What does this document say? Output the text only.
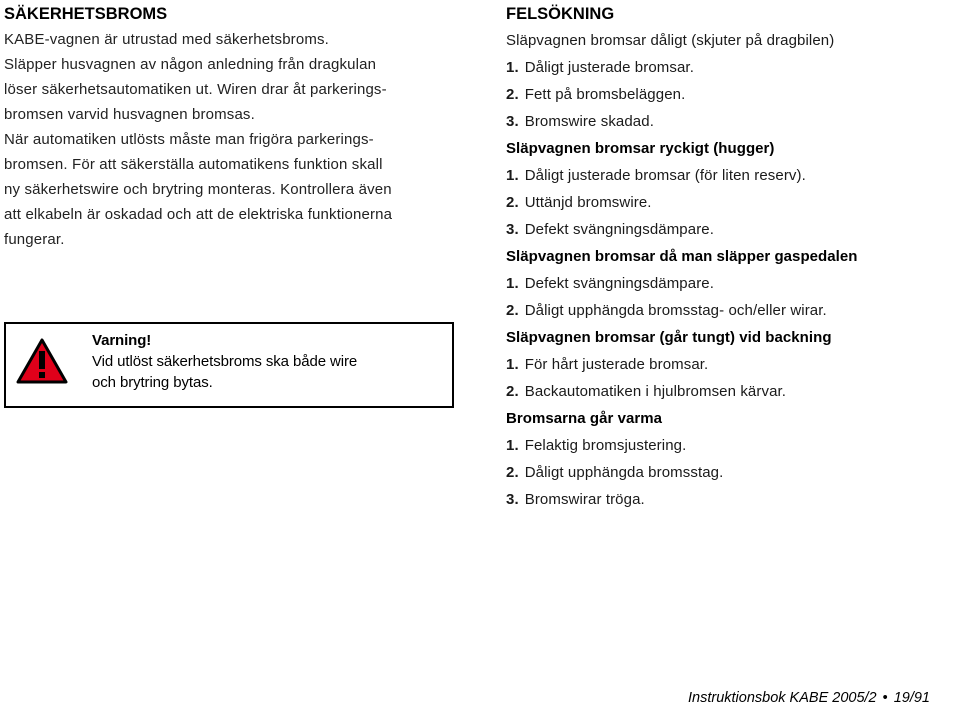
SÄKERHETSBROMS

KABE-vagnen är utrustad med säkerhetsbroms.
Släpper husvagnen av någon anledning från dragkulan
löser säkerhetsautomatiken ut. Wiren drar åt parkerings-
bromsen varvid husvagnen bromsas.
När automatiken utlösts måste man frigöra parkerings-
bromsen. För att säkerställa automatikens funktion skall
ny säkerhetswire och brytring monteras. Kontrollera även
att elkabeln är oskadad och att de elektriska funktionerna
fungerar.

Varning!
Vid utlöst säkerhetsbroms ska både wire
och brytring bytas.
FELSÖKNING

Släpvagnen bromsar dåligt (skjuter på dragbilen)

1. Dåligt justerade bromsar.

2. Fett på bromsbeläggen.

3. Bromswire skadad.

Släpvagnen bromsar ryckigt (hugger)

1. Dåligt justerade bromsar (för liten reserv).

2. Uttänjd bromswire.

3. Defekt svängningsdämpare.

Släpvagnen bromsar då man släpper gaspedalen

1. Defekt svängningsdämpare.

2. Dåligt upphängda bromsstag- och/eller wirar.

Släpvagnen bromsar (går tungt) vid backning

1. För hårt justerade bromsar.

2. Backautomatiken i hjulbromsen kärvar.

Bromsarna går varma

1. Felaktig bromsjustering.

2. Dåligt upphängda bromsstag.

3. Bromswirar tröga.

Instruktionsbok KABE 2005/2 • 19/91
